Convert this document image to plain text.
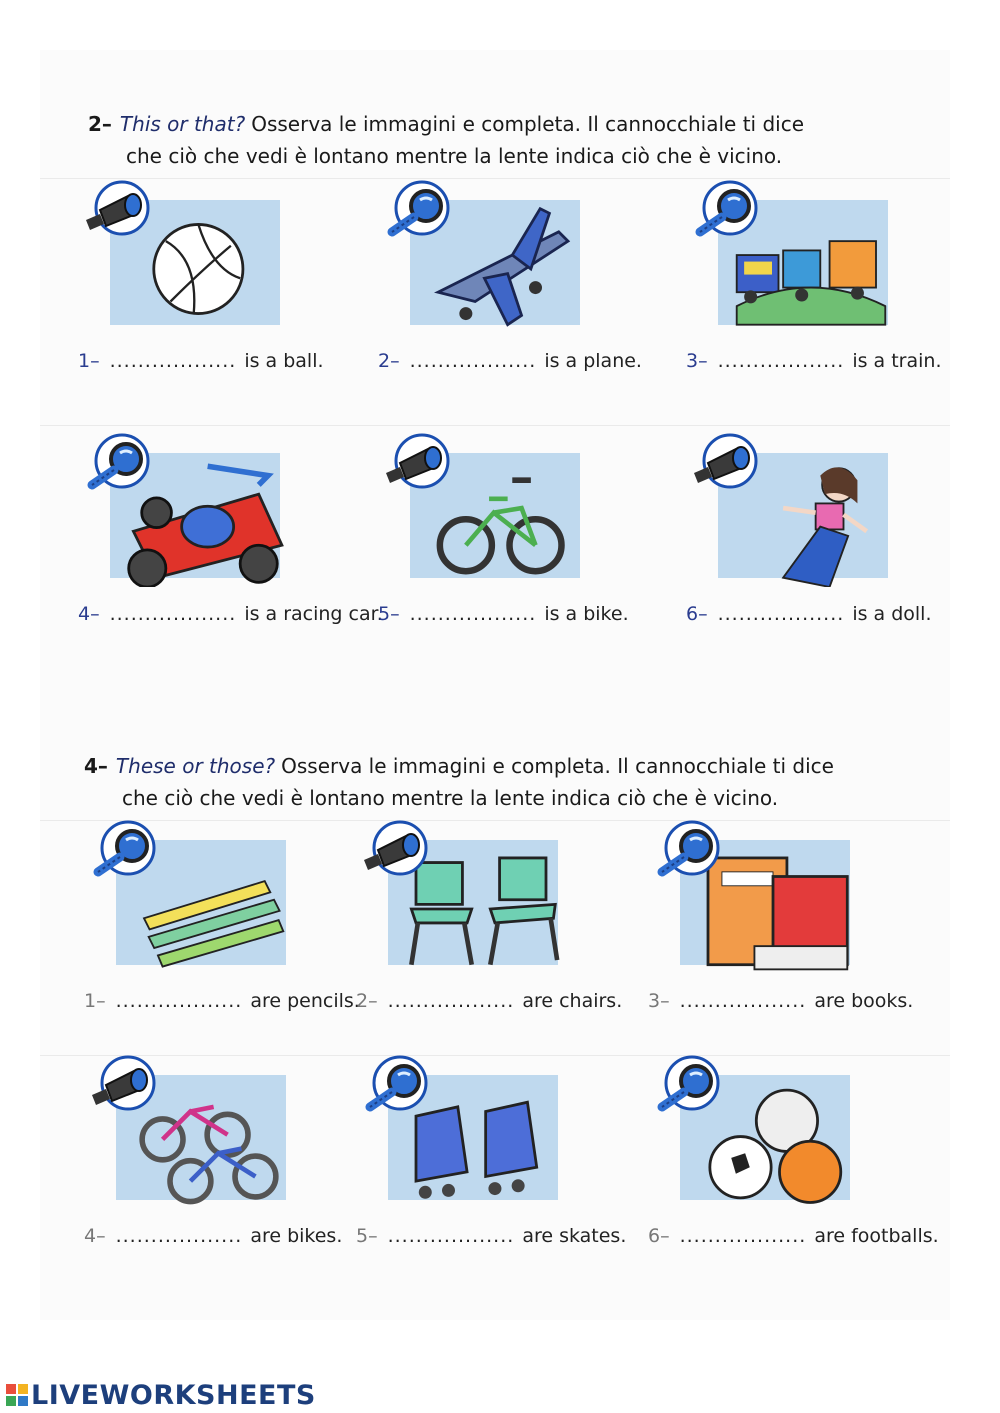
2– This or that? Osserva le immagini e completa. Il cannocchiale ti dice
che ciò che vedi è lontano mentre la lente indica ciò che è vicino.
4– These or those? Osserva le immagini e completa. Il cannocchiale ti dice
che ciò che vedi è lontano mentre la lente indica ciò che è vicino.
1– .................. is a ball.	2– .................. is a plane. 3– .................. is a train.
4– .................. is a racing car.
5– .................. is a bike.	6– .................. is a doll.
1– .................. are pencils.
2– .................. are chairs. 3– .................. are books.
4– .................. are bikes. 5– .................. are skates. 6– .................. are footballs.
LIVEWORKSHEETS
